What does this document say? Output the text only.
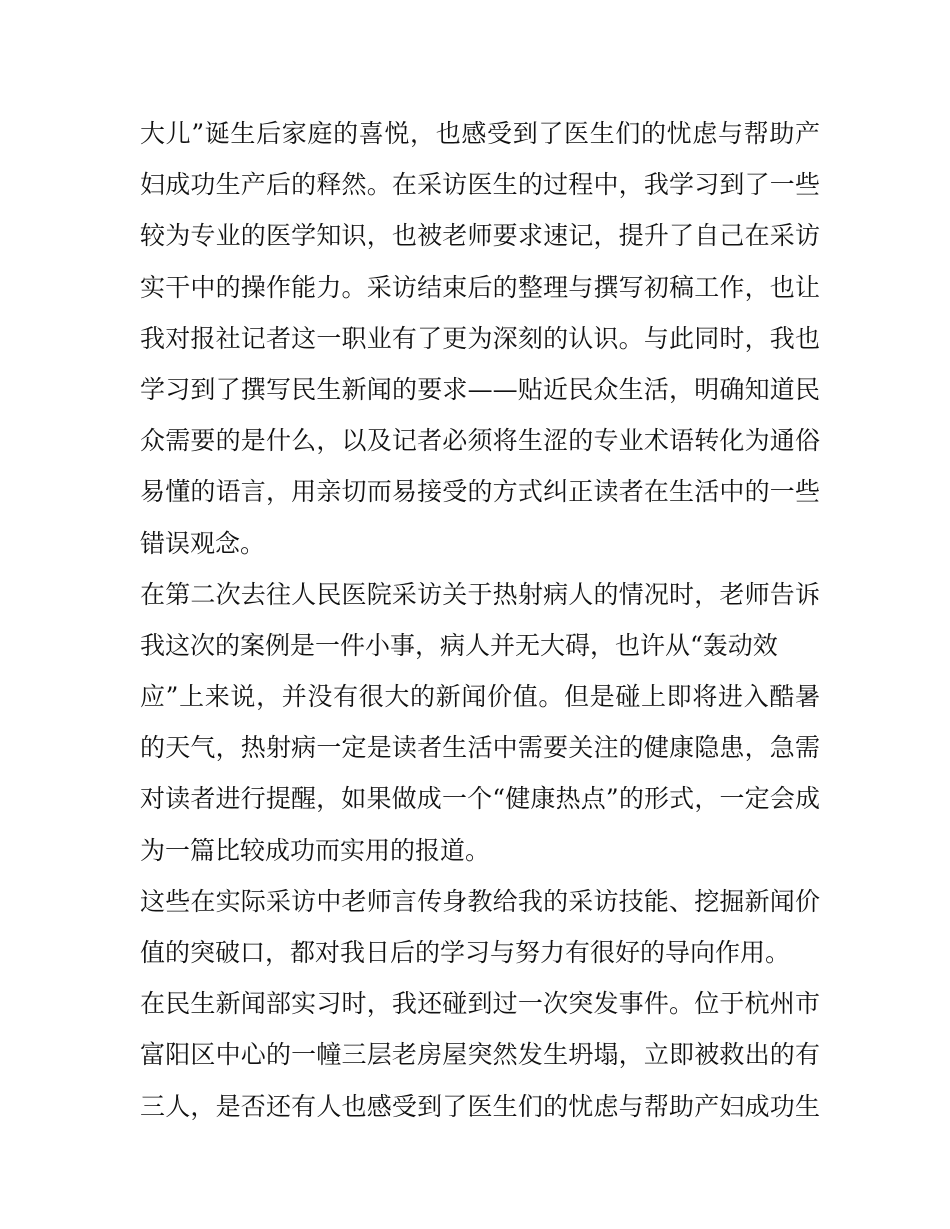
大儿”诞生后家庭的喜悦，也感受到了医生们的忧虑与帮助产
妇成功生产后的释然。在采访医生的过程中，我学习到了一些
较为专业的医学知识，也被老师要求速记，提升了自己在采访
实干中的操作能力。采访结束后的整理与撰写初稿工作，也让
我对报社记者这一职业有了更为深刻的认识。与此同时，我也
学习到了撰写民生新闻的要求——贴近民众生活，明确知道民
众需要的是什么，以及记者必须将生涩的专业术语转化为通俗
易懂的语言，用亲切而易接受的方式纠正读者在生活中的一些
错误观念。
在第二次去往人民医院采访关于热射病人的情况时，老师告诉
我这次的案例是一件小事，病人并无大碍，也许从“轰动效
应”上来说，并没有很大的新闻价值。但是碰上即将进入酷暑
的天气，热射病一定是读者生活中需要关注的健康隐患，急需
对读者进行提醒，如果做成一个“健康热点”的形式，一定会成
为一篇比较成功而实用的报道。
这些在实际采访中老师言传身教给我的采访技能、挖掘新闻价
值的突破口，都对我日后的学习与努力有很好的导向作用。
在民生新闻部实习时，我还碰到过一次突发事件。位于杭州市
富阳区中心的一幢三层老房屋突然发生坍塌，立即被救出的有
三人，是否还有人也感受到了医生们的忧虑与帮助产妇成功生
